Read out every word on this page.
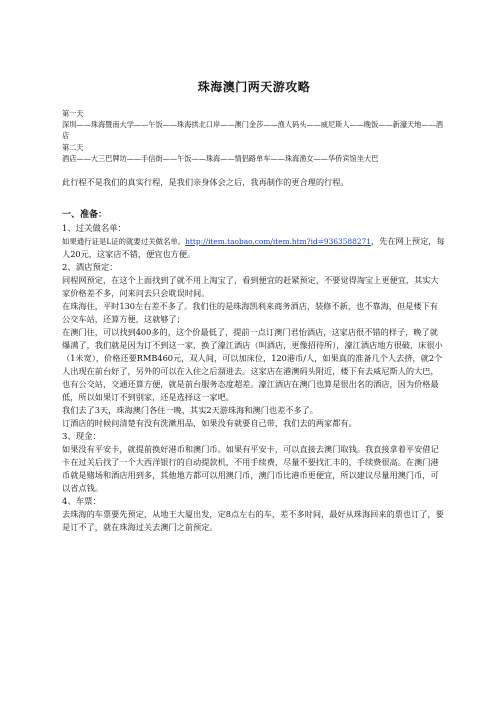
珠海澳门两天游攻略

第一天

深圳——珠海暨南大学——午饭——珠海拱北口岸——澳门金莎——渔人码头——威尼斯人——晚饭——新濠天地——酒店

第二天

酒店——大三巴牌坊——手信街——午饭——珠海——情侣路单车——珠海渔女——华侨宾馆坐大巴

此行程不是我们的真实行程，是我们亲身体会之后，我再制作的更合理的行程。

一、准备：

1、过关做名单：

如果通行证是L证的就要过关做名单。http://item.taobao.com/item.htm?id=9363588271，先在网上预定，每人20元，这家店不错，便宜也方便。

2、酒店预定：

同程网预定，在这个上面找到了就不用上淘宝了，看到便宜的赶紧预定，不要觉得淘宝上更便宜，其实大家价格差不多，问来问去只会耽误时间。

在珠海住，平时130左右差不多了。我们住的是珠海凯利来商务酒店，装修不新，也不靠海，但是楼下有公交车站，还算方便，这就够了；

在澳门住，可以找到400多的，这个价最低了，提前一点订澳门君怡酒店，这家店很不错的样子，晚了就爆满了，我们就是因为订不到这一家，换了濠江酒店（叫酒店，更像招待所），濠江酒店地方很破，床很小（1米宽），价格还要RMB460元，双人间，可以加床位，120港币/人，如果真的准备几个人去挤，就2个人出现在前台好了，另外的可以在入住之后溜进去。这家店在港澳码头附近，楼下有去威尼斯人的大巴，也有公交站，交通还算方便，就是前台服务态度超差。濠江酒店在澳门也算是很出名的酒店，因为价格最低，所以如果订不到别家，还是选择这一家吧。

我们去了3天，珠海澳门各住一晚，其实2天游珠海和澳门也差不多了。

订酒店的时候问清楚有没有洗漱用品，如果没有就要自己带，我们去的两家都有。

3、现金：

如果没有平安卡，就提前换好港币和澳门币。如果有平安卡，可以直接去澳门取钱。我直接拿着平安借记卡在过关后找了一个大西洋银行的自动提款机，不用手续费，尽量不要找汇丰的，手续费很高。在澳门港币就是赌场和酒店用到多，其他地方都可以用澳门币，澳门币比港币更便宜，所以建议尽量用澳门币，可以省点钱。

4、车票：

去珠海的车票要先预定，从地王大厦出发，定8点左右的车，差不多时间，最好从珠海回来的票也订了，要是订不了，就在珠海过关去澳门之前预定。
